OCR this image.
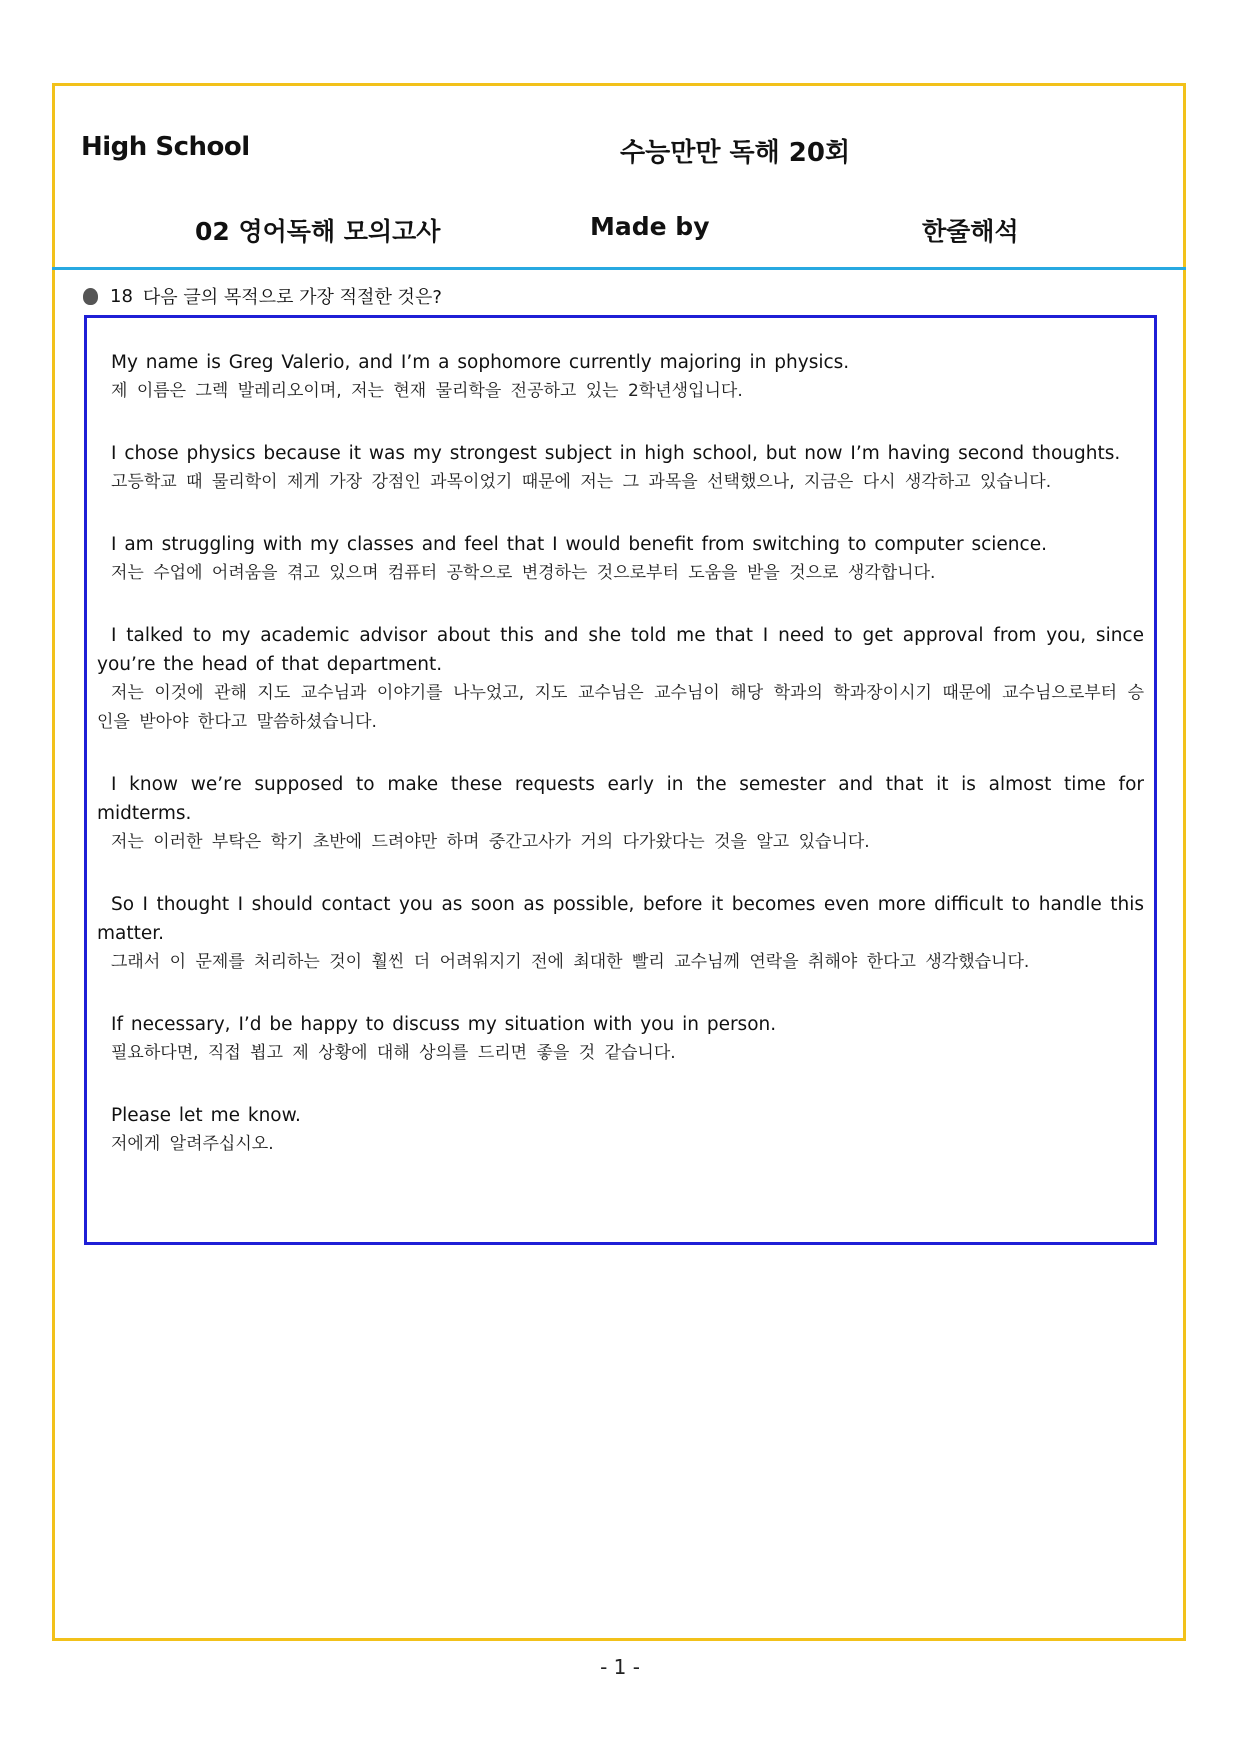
High School	수능만만 독해 20회
02 영어독해 모의고사	Made by	한줄해석
18 다음 글의 목적으로 가장 적절한 것은?
My name is Greg Valerio, and I’m a sophomore currently majoring in physics.
제 이름은 그렉 발레리오이며, 저는 현재 물리학을 전공하고 있는 2학년생입니다.
I chose physics because it was my strongest subject in high school, but now I’m having second thoughts.
고등학교 때 물리학이 제게 가장 강점인 과목이었기 때문에 저는 그 과목을 선택했으나, 지금은 다시 생각하고 있습니다.
I am struggling with my classes and feel that I would benefit from switching to computer science.
저는 수업에 어려움을 겪고 있으며 컴퓨터 공학으로 변경하는 것으로부터 도움을 받을 것으로 생각합니다.
I talked to my academic advisor about this and she told me that I need to get approval from you, since you’re the head of that department.
저는 이것에 관해 지도 교수님과 이야기를 나누었고, 지도 교수님은 교수님이 해당 학과의 학과장이시기 때문에 교수님으로부터 승인을 받아야 한다고 말씀하셨습니다.
I know we’re supposed to make these requests early in the semester and that it is almost time for midterms.
저는 이러한 부탁은 학기 초반에 드려야만 하며 중간고사가 거의 다가왔다는 것을 알고 있습니다.
So I thought I should contact you as soon as possible, before it becomes even more difficult to handle this matter.
그래서 이 문제를 처리하는 것이 훨씬 더 어려워지기 전에 최대한 빨리 교수님께 연락을 취해야 한다고 생각했습니다.
If necessary, I’d be happy to discuss my situation with you in person.
필요하다면, 직접 뵙고 제 상황에 대해 상의를 드리면 좋을 것 같습니다.
Please let me know.
저에게 알려주십시오.
- 1 -
